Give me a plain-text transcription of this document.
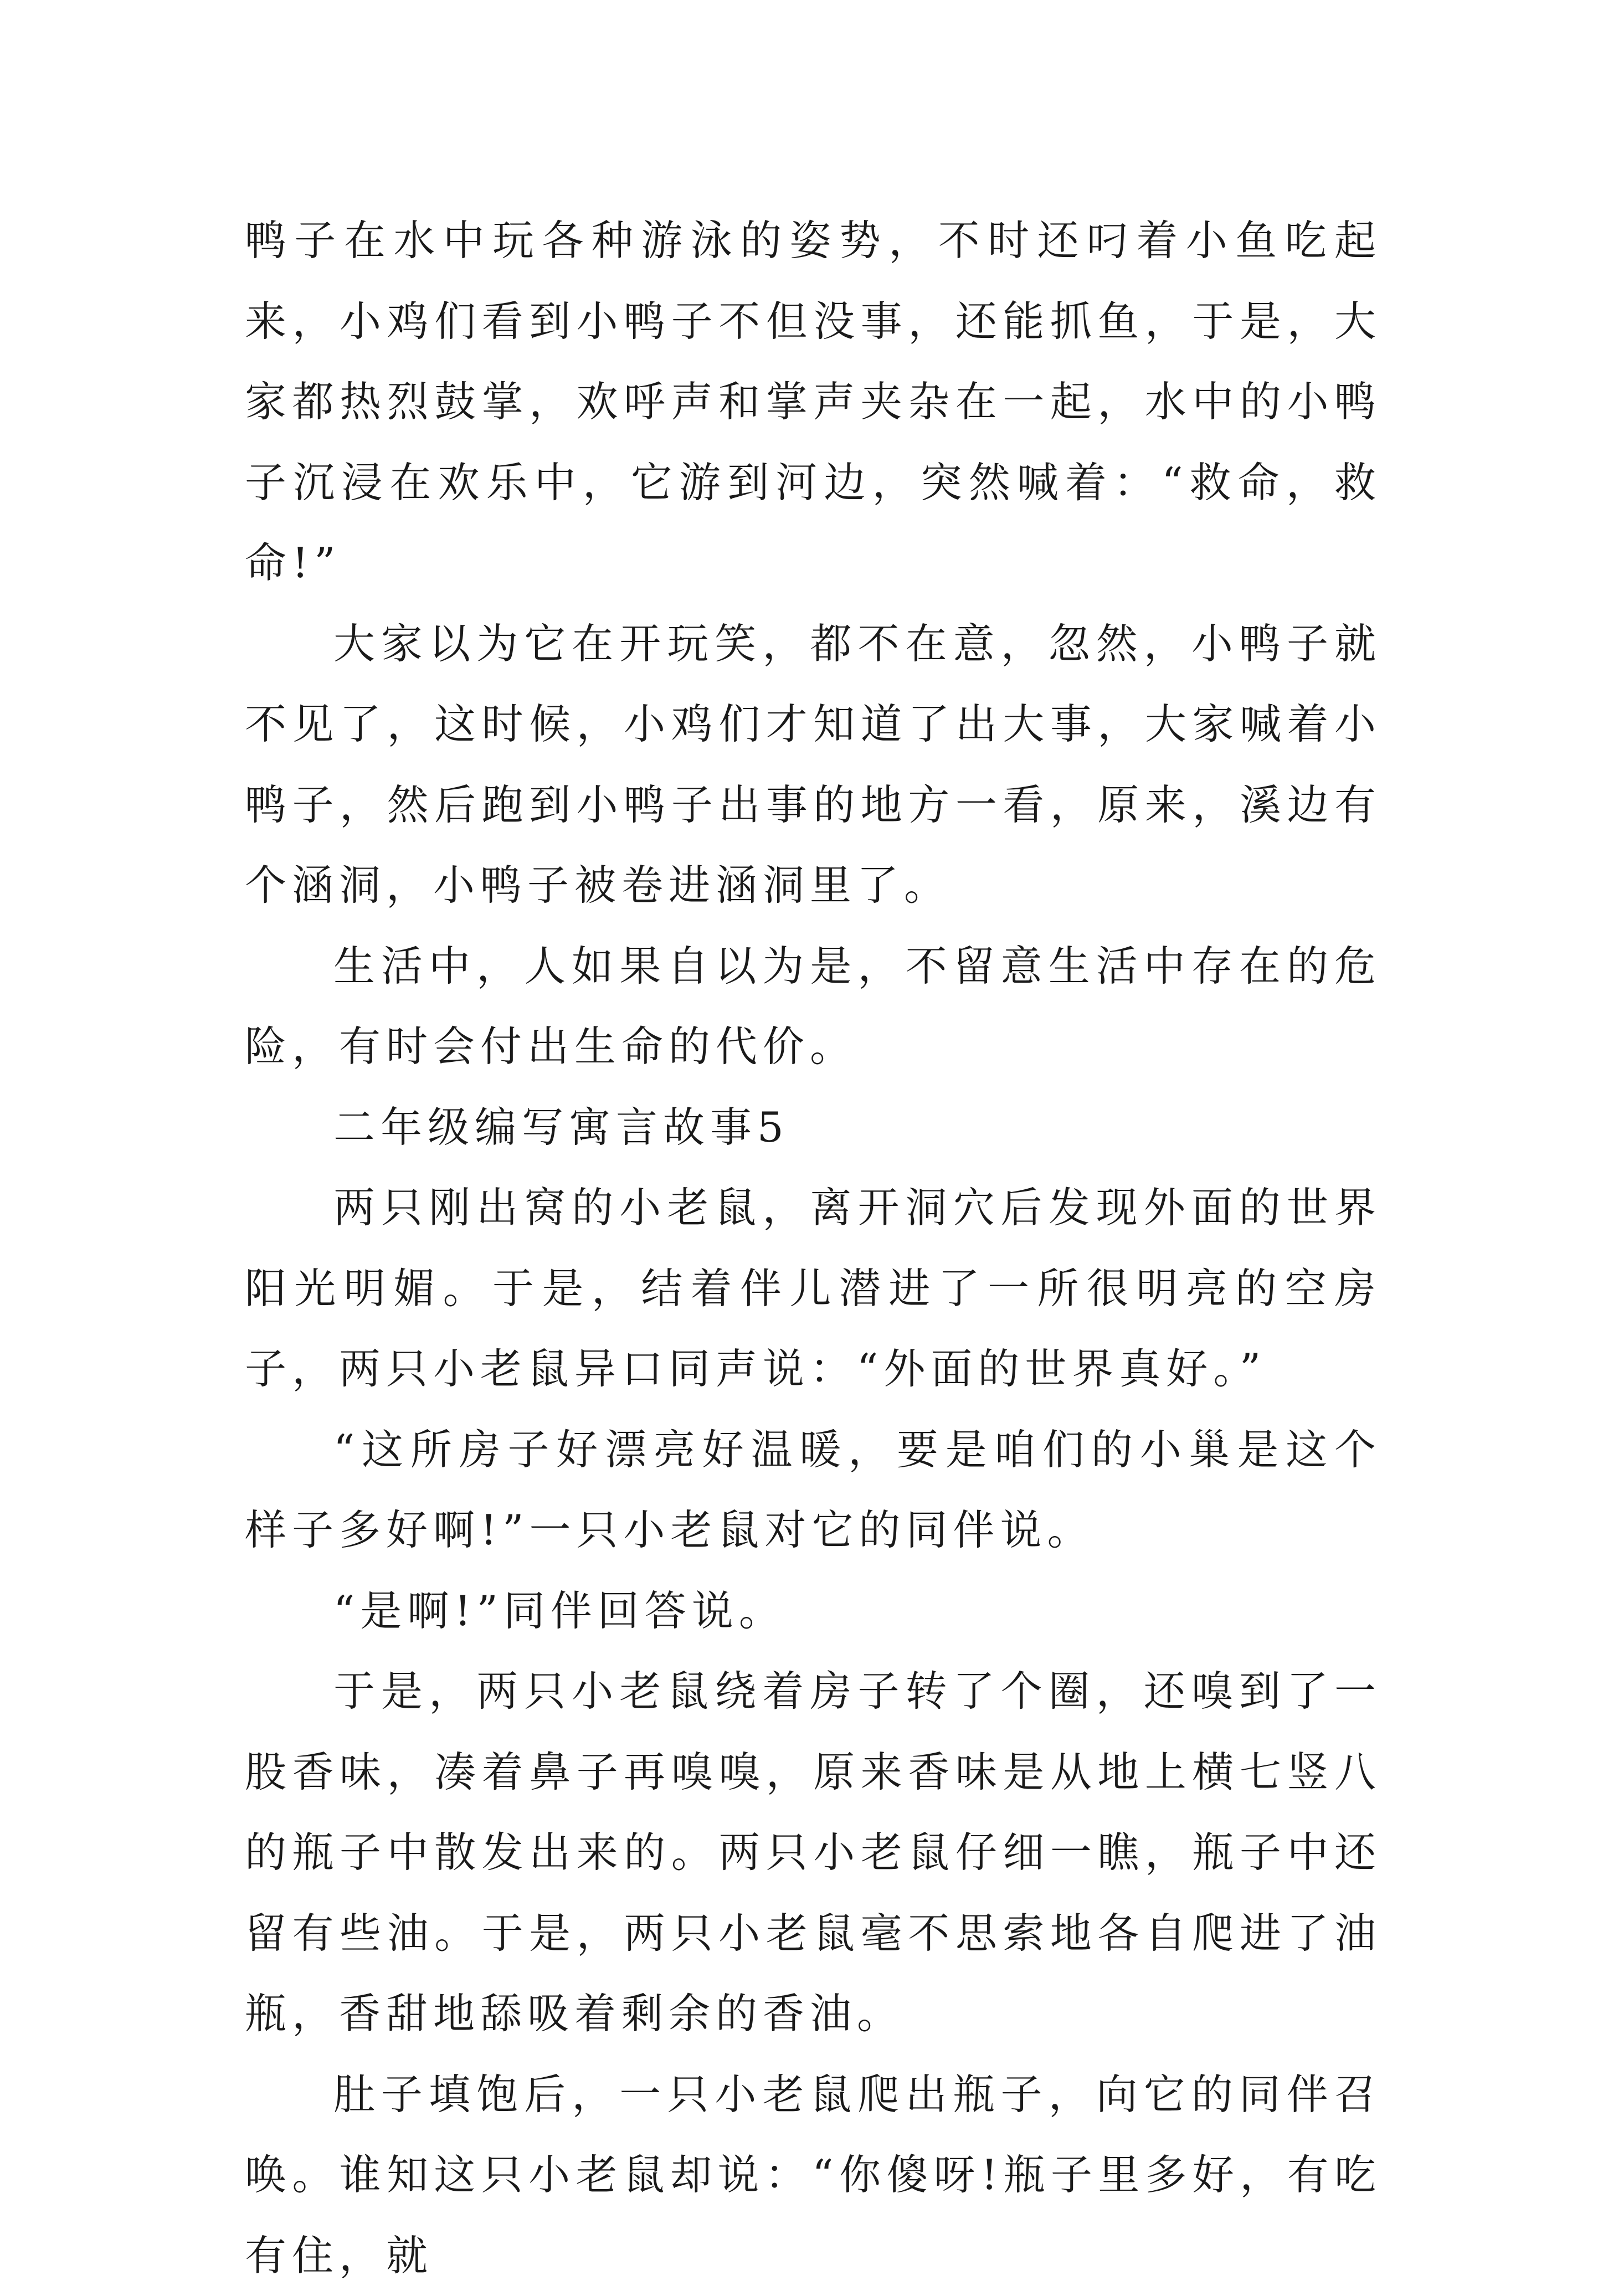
鸭子在水中玩各种游泳的姿势，不时还叼着小鱼吃起来，小鸡们看到小鸭子不但没事，还能抓鱼，于是，大家都热烈鼓掌，欢呼声和掌声夹杂在一起，水中的小鸭子沉浸在欢乐中，它游到河边，突然喊着：“救命，救命!”

大家以为它在开玩笑，都不在意，忽然，小鸭子就不见了，这时候，小鸡们才知道了出大事，大家喊着小鸭子，然后跑到小鸭子出事的地方一看，原来，溪边有个涵洞，小鸭子被卷进涵洞里了。

生活中，人如果自以为是，不留意生活中存在的危险，有时会付出生命的代价。

二年级编写寓言故事5

两只刚出窝的小老鼠，离开洞穴后发现外面的世界阳光明媚。于是，结着伴儿潜进了一所很明亮的空房子，两只小老鼠异口同声说：“外面的世界真好。”

“这所房子好漂亮好温暖，要是咱们的小巢是这个样子多好啊!”一只小老鼠对它的同伴说。

“是啊!”同伴回答说。

于是，两只小老鼠绕着房子转了个圈，还嗅到了一股香味，凑着鼻子再嗅嗅，原来香味是从地上横七竖八的瓶子中散发出来的。两只小老鼠仔细一瞧，瓶子中还留有些油。于是，两只小老鼠毫不思索地各自爬进了油瓶，香甜地舔吸着剩余的香油。

肚子填饱后，一只小老鼠爬出瓶子，向它的同伴召唤。谁知这只小老鼠却说：“你傻呀!瓶子里多好，有吃有住，就
